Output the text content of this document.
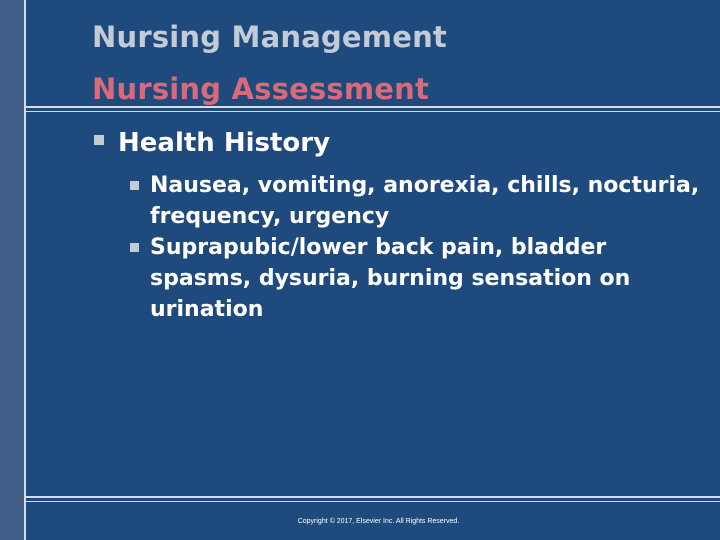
Nursing Management
Nursing Assessment
Health History
Nausea, vomiting, anorexia, chills, nocturia, frequency, urgency
Suprapubic/lower back pain, bladder spasms, dysuria, burning sensation on urination
Copyright © 2017, Elsevier Inc. All Rights Reserved.
